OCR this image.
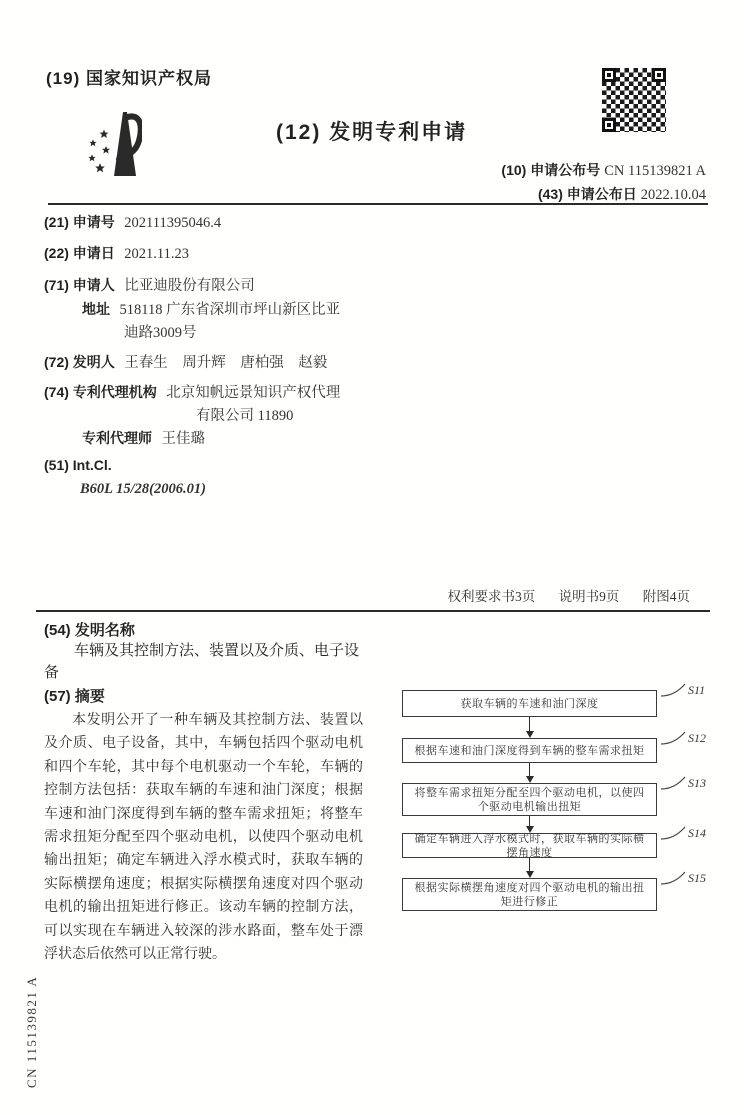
(19) 国家知识产权局
(12) 发明专利申请
(10) 申请公布号 CN 115139821 A
(43) 申请公布日 2022.10.04
(21) 申请号 202111395046.4
(22) 申请日 2021.11.23
(71) 申请人 比亚迪股份有限公司
地址 518118 广东省深圳市坪山新区比亚
迪路3009号
(72) 发明人 王春生　周升辉　唐柏强　赵毅
(74) 专利代理机构 北京知帆远景知识产权代理
有限公司 11890
专利代理师 王佳璐
(51) Int.Cl.
B60L 15/28(2006.01)
权利要求书3页 说明书9页 附图4页
(54) 发明名称

车辆及其控制方法、装置以及介质、电子设备

(57) 摘要

本发明公开了一种车辆及其控制方法、装置以及介质、电子设备，其中，车辆包括四个驱动电机和四个车轮，其中每个电机驱动一个车轮，车辆的控制方法包括：获取车辆的车速和油门深度；根据车速和油门深度得到车辆的整车需求扭矩；将整车需求扭矩分配至四个驱动电机，以使四个驱动电机输出扭矩；确定车辆进入浮水模式时，获取车辆的实际横摆角速度；根据实际横摆角速度对四个驱动电机的输出扭矩进行修正。该动车辆的控制方法，可以实现在车辆进入较深的涉水路面，整车处于漂浮状态后依然可以正常行驶。

获取车辆的车速和油门深度
S11
根据车速和油门深度得到车辆的整车需求扭矩
S12
将整车需求扭矩分配至四个驱动电机，以使四个驱动电机输出扭矩
S13
确定车辆进入浮水模式时，获取车辆的实际横摆角速度
S14
根据实际横摆角速度对四个驱动电机的输出扭矩进行修正
S15
CN 115139821 A
